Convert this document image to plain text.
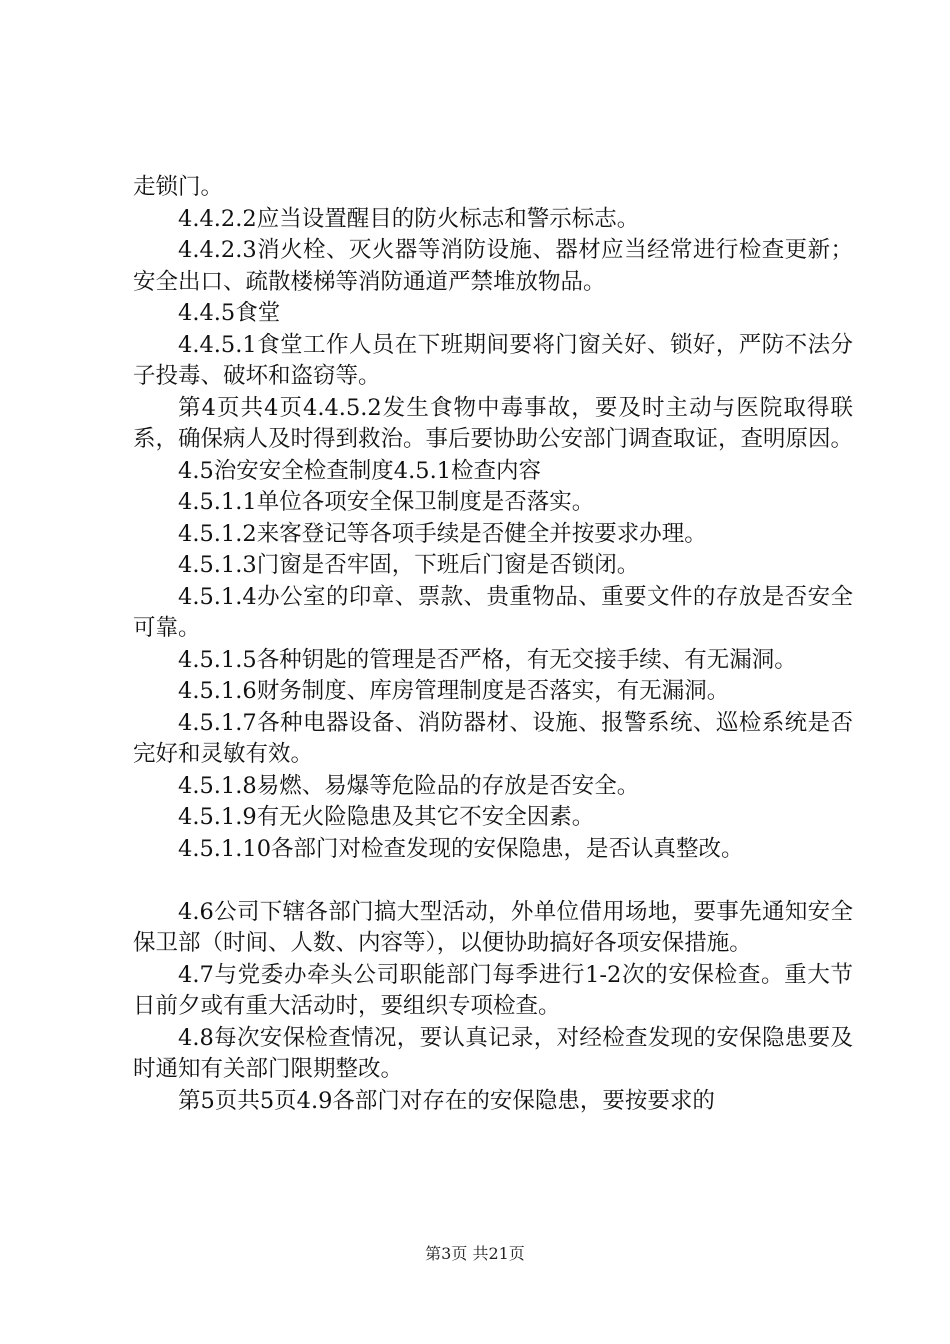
走锁门。

4.4.2.2应当设置醒目的防火标志和警示标志。

4.4.2.3消火栓、灭火器等消防设施、器材应当经常进行检查更新；安全出口、疏散楼梯等消防通道严禁堆放物品。

4.4.5食堂

4.4.5.1食堂工作人员在下班期间要将门窗关好、锁好，严防不法分子投毒、破坏和盗窃等。

第4页共4页4.4.5.2发生食物中毒事故，要及时主动与医院取得联系，确保病人及时得到救治。事后要协助公安部门调查取证，查明原因。

4.5治安安全检查制度4.5.1检查内容

4.5.1.1单位各项安全保卫制度是否落实。

4.5.1.2来客登记等各项手续是否健全并按要求办理。

4.5.1.3门窗是否牢固，下班后门窗是否锁闭。

4.5.1.4办公室的印章、票款、贵重物品、重要文件的存放是否安全可靠。

4.5.1.5各种钥匙的管理是否严格，有无交接手续、有无漏洞。

4.5.1.6财务制度、库房管理制度是否落实，有无漏洞。

4.5.1.7各种电器设备、消防器材、设施、报警系统、巡检系统是否完好和灵敏有效。

4.5.1.8易燃、易爆等危险品的存放是否安全。

4.5.1.9有无火险隐患及其它不安全因素。

4.5.1.10各部门对检查发现的安保隐患，是否认真整改。

4.6公司下辖各部门搞大型活动，外单位借用场地，要事先通知安全保卫部（时间、人数、内容等），以便协助搞好各项安保措施。

4.7与党委办牵头公司职能部门每季进行1-2次的安保检查。重大节日前夕或有重大活动时，要组织专项检查。

4.8每次安保检查情况，要认真记录，对经检查发现的安保隐患要及时通知有关部门限期整改。

第5页共5页4.9各部门对存在的安保隐患，要按要求的

第3页 共21页
